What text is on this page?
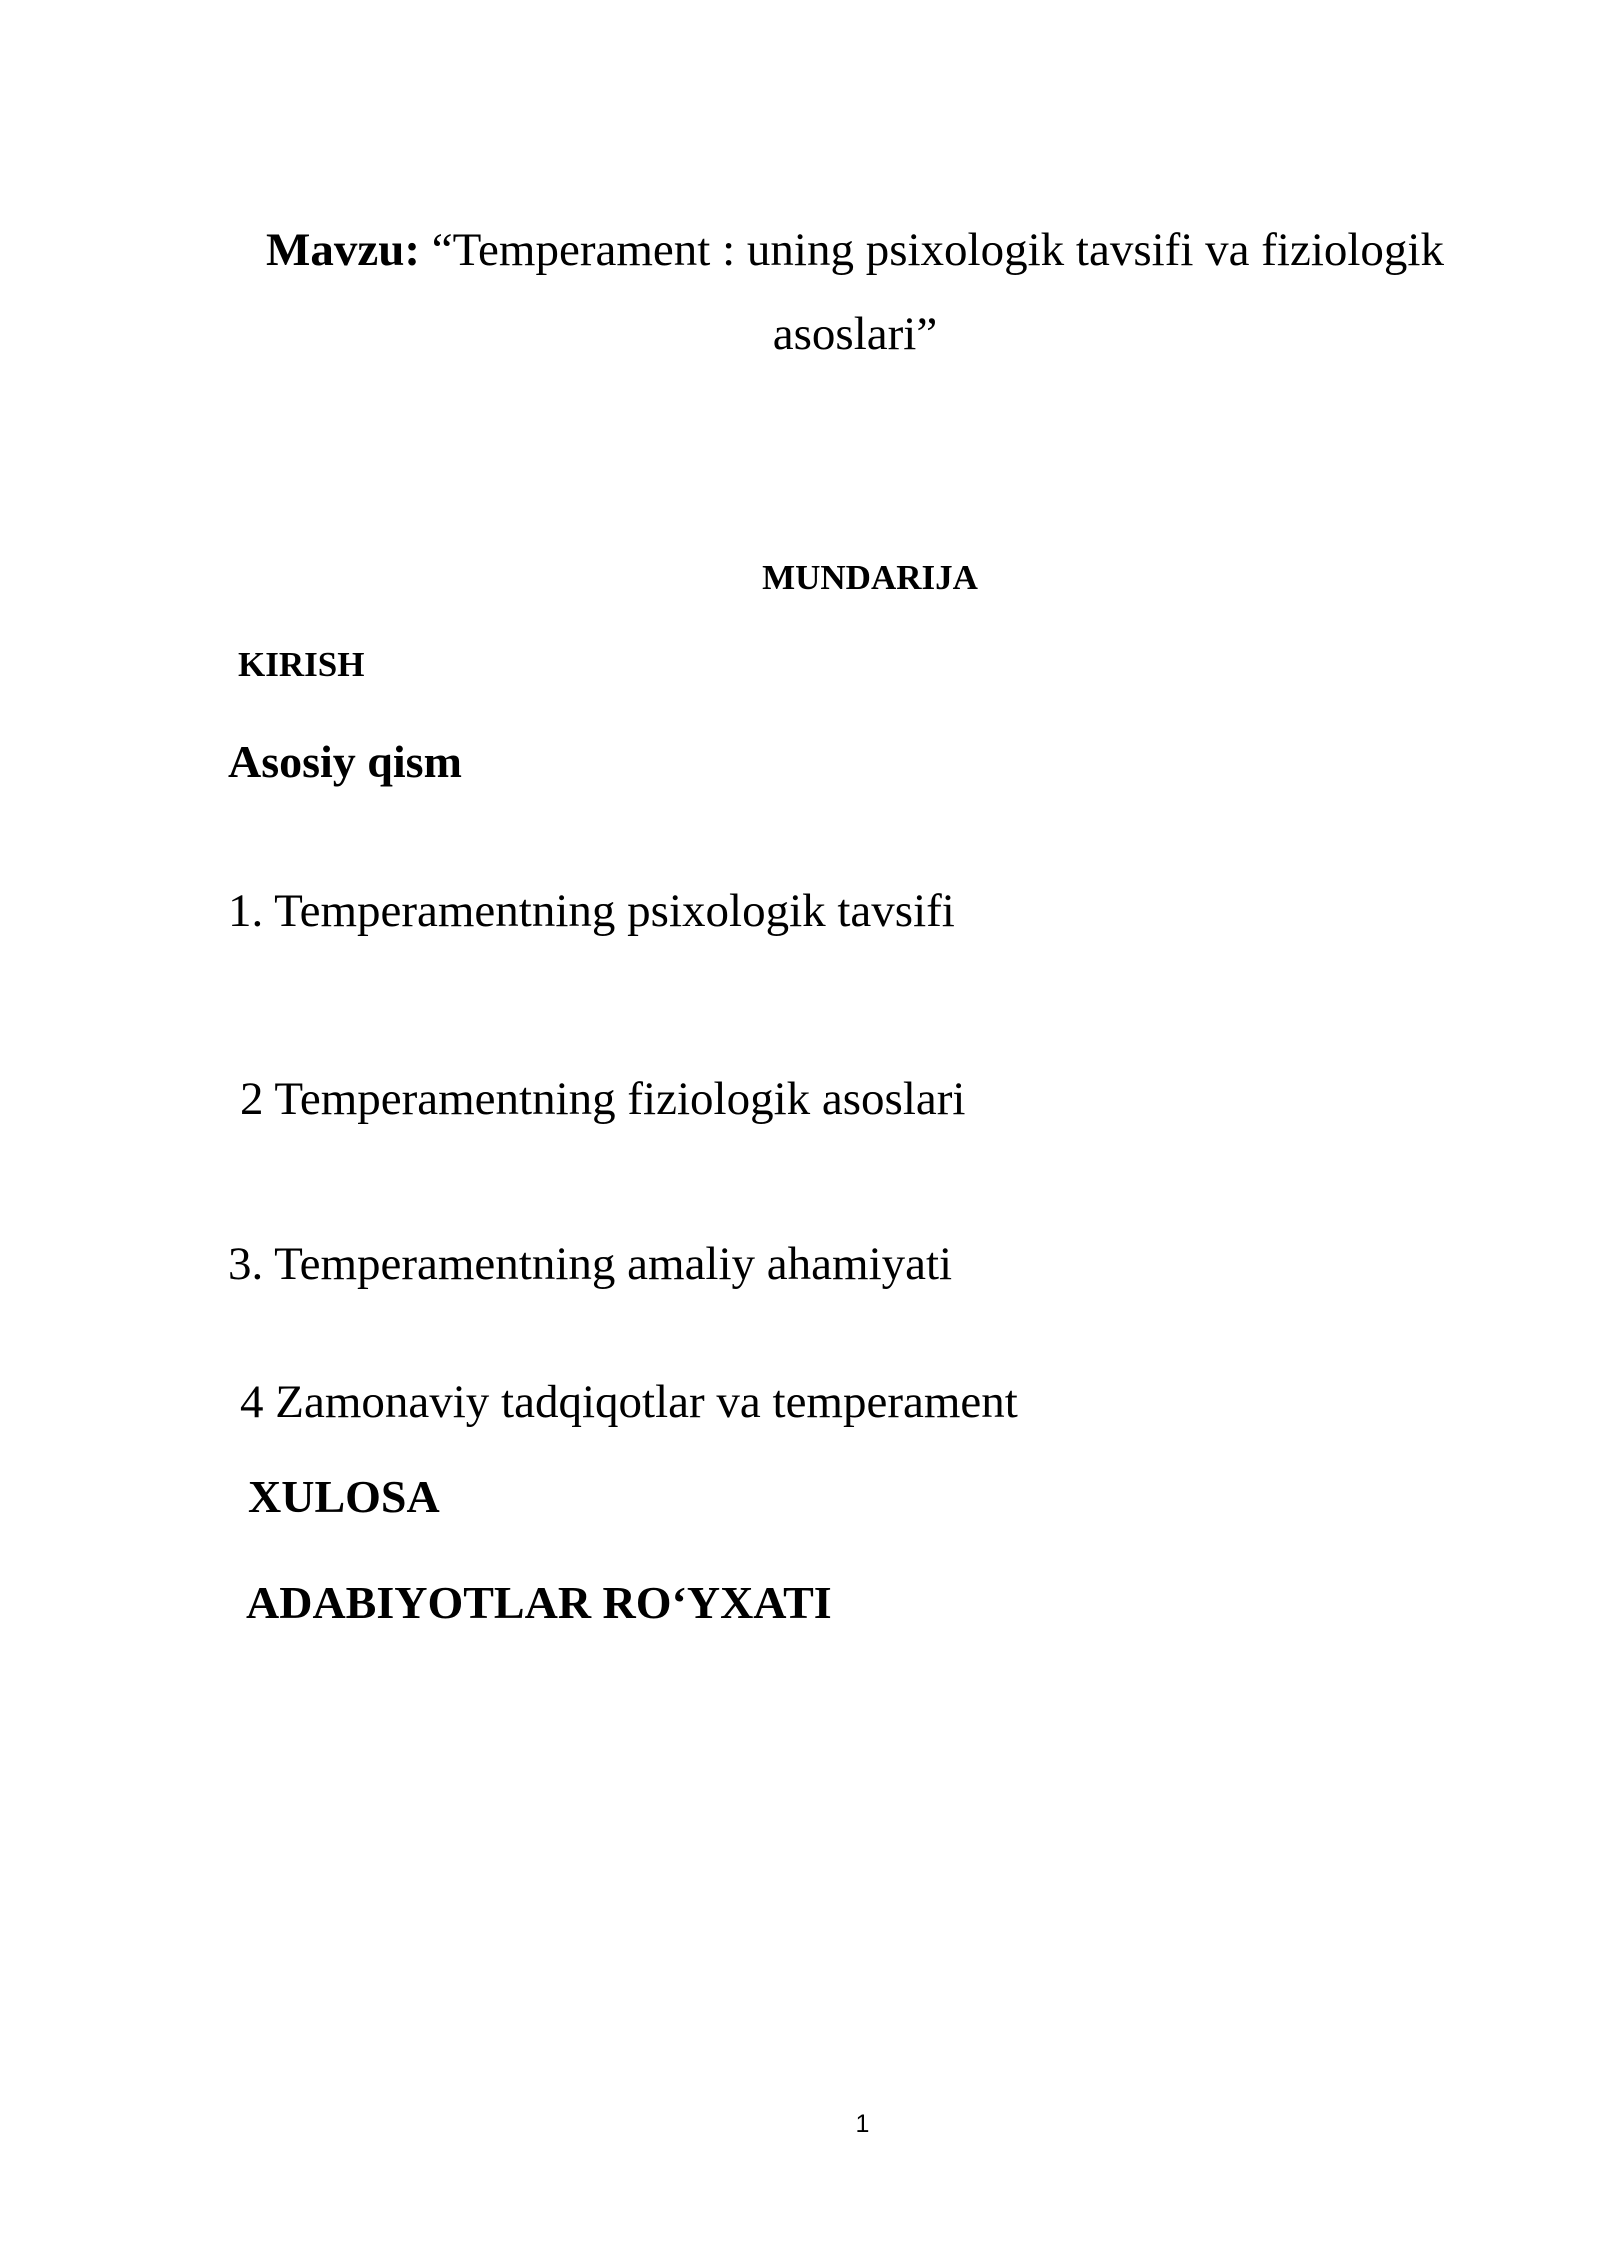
Mavzu: “Temperament : uning psixologik tavsifi va fiziologik
asoslari”
MUNDARIJA
KIRISH
Asosiy qism
1. Temperamentning psixologik tavsifi
2 Temperamentning fiziologik asoslari
3. Temperamentning amaliy ahamiyati
4 Zamonaviy tadqiqotlar va temperament
XULOSA
ADABIYOTLAR RO‘YXATI
1
